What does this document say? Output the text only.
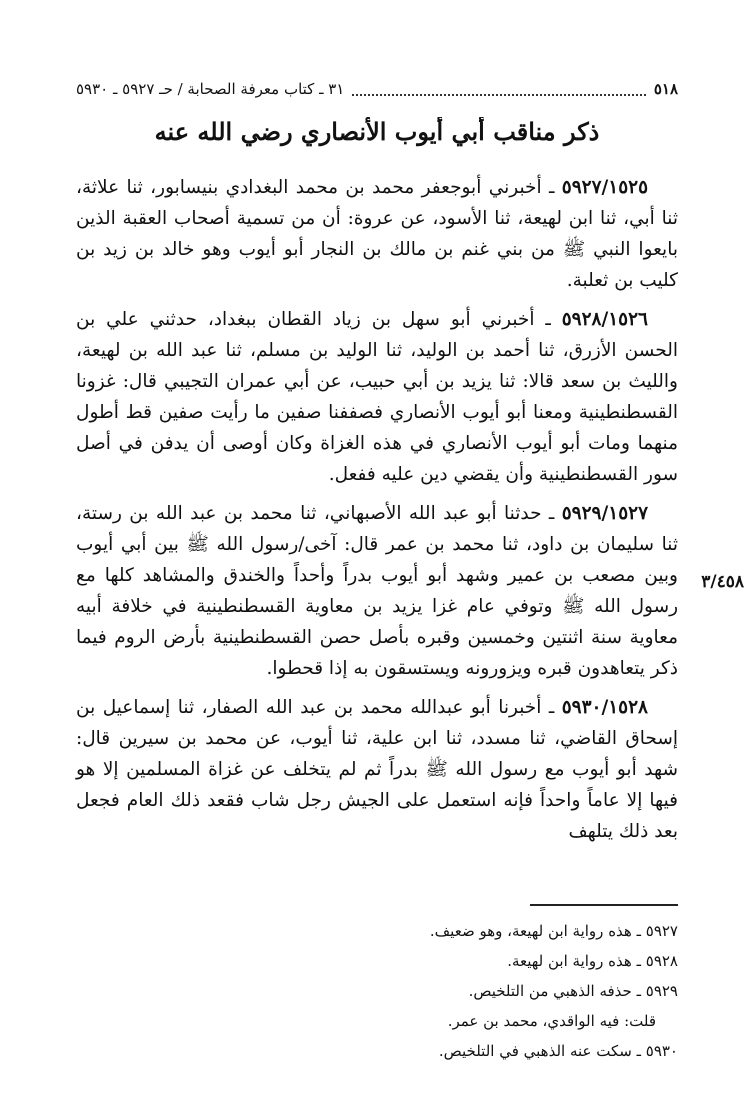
٥١٨
٣١ ـ كتاب معرفة الصحابة / حـ ٥٩٢٧ ـ ٥٩٣٠
ذكر مناقب أبي أيوب الأنصاري رضي الله عنه

٥٩٢٧/١٥٢٥ ـ أخبرني أبوجعفر محمد بن محمد البغدادي بنيسابور، ثنا علاثة، ثنا أبي، ثنا ابن لهيعة، ثنا الأسود، عن عروة: أن من تسمية أصحاب العقبة الذين بايعوا النبي ﷺ من بني غنم بن مالك بن النجار أبو أيوب وهو خالد بن زيد بن كليب بن ثعلبة.

٥٩٢٨/١٥٢٦ ـ أخبرني أبو سهل بن زياد القطان ببغداد، حدثني علي بن الحسن الأزرق، ثنا أحمد بن الوليد، ثنا الوليد بن مسلم، ثنا عبد الله بن لهيعة، والليث بن سعد قالا: ثنا يزيد بن أبي حبيب، عن أبي عمران التجيبي قال: غزونا القسطنطينية ومعنا أبو أيوب الأنصاري فصففنا صفين ما رأيت صفين قط أطول منهما ومات أبو أيوب الأنصاري في هذه الغزاة وكان أوصى أن يدفن في أصل سور القسطنطينية وأن يقضي دين عليه ففعل.

٥٩٢٩/١٥٢٧ ـ حدثنا أبو عبد الله الأصبهاني، ثنا محمد بن عبد الله بن رستة، ثنا سليمان بن داود، ثنا محمد بن عمر قال: آخى/رسول الله ﷺ بين أبي أيوب وبين مصعب بن عمير وشهد أبو أيوب بدراً وأحداً والخندق والمشاهد كلها مع رسول الله ﷺ وتوفي عام غزا يزيد بن معاوية القسطنطينية في خلافة أبيه معاوية سنة اثنتين وخمسين وقبره بأصل حصن القسطنطينية بأرض الروم فيما ذكر يتعاهدون قبره ويزورونه ويستسقون به إذا قحطوا.

٥٩٣٠/١٥٢٨ ـ أخبرنا أبو عبدالله محمد بن عبد الله الصفار، ثنا إسماعيل بن إسحاق القاضي، ثنا مسدد، ثنا ابن علية، ثنا أيوب، عن محمد بن سيرين قال: شهد أبو أيوب مع رسول الله ﷺ بدراً ثم لم يتخلف عن غزاة المسلمين إلا هو فيها إلا عاماً واحداً فإنه استعمل على الجيش رجل شاب فقعد ذلك العام فجعل بعد ذلك يتلهف

٣/٤٥٨
٥٩٢٧ ـ هذه رواية ابن لهيعة، وهو ضعيف.
٥٩٢٨ ـ هذه رواية ابن لهيعة.
٥٩٢٩ ـ حذفه الذهبي من التلخيص.
قلت: فيه الواقدي، محمد بن عمر.
٥٩٣٠ ـ سكت عنه الذهبي في التلخيص.
